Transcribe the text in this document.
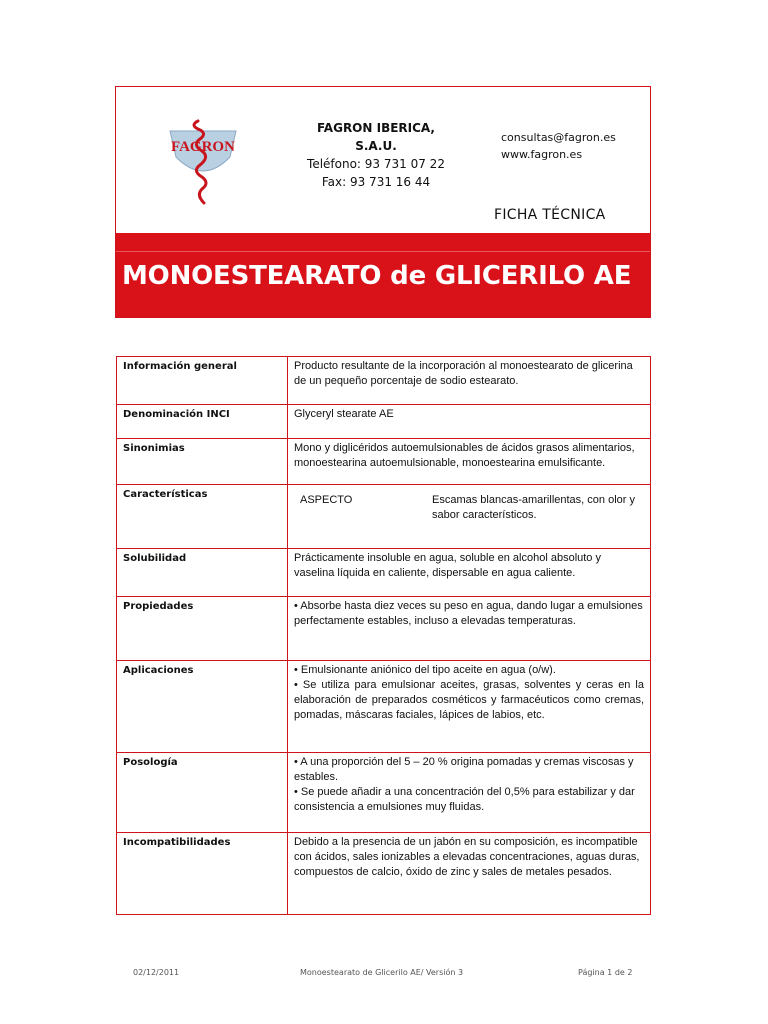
FAGRON
FAGRON IBERICA, S.A.U.
Teléfono: 93 731 07 22
Fax: 93 731 16 44
consultas@fagron.es
www.fagron.es
FICHA TÉCNICA
MONOESTEARATO de GLICERILO AE
Información general	Producto resultante de la incorporación al monoestearato de glicerina de un pequeño porcentaje de sodio estearato.
Denominación INCI	Glyceryl stearate AE
Sinonimias	Mono y diglicéridos autoemulsionables de ácidos grasos alimentarios, monoestearina autoemulsionable, monoestearina emulsificante.
Características	ASPECTO Escamas blancas-amarillentas, con olor y sabor característicos.

Solubilidad	Prácticamente insoluble en agua, soluble en alcohol absoluto y vaselina líquida en caliente, dispersable en agua caliente.
Propiedades	• Absorbe hasta diez veces su peso en agua, dando lugar a emulsiones perfectamente estables, incluso a elevadas temperaturas.
Aplicaciones	• Emulsionante aniónico del tipo aceite en agua (o/w).

• Se utiliza para emulsionar aceites, grasas, solventes y ceras en la elaboración de preparados cosméticos y farmacéuticos como cremas, pomadas, máscaras faciales, lápices de labios, etc.

Posología	• A una proporción del 5 – 20 % origina pomadas y cremas viscosas y estables.

• Se puede añadir a una concentración del 0,5% para estabilizar y dar consistencia a emulsiones muy fluidas.

Incompatibilidades	Debido a la presencia de un jabón en su composición, es incompatible con ácidos, sales ionizables a elevadas concentraciones, aguas duras, compuestos de calcio, óxido de zinc y sales de metales pesados.
02/12/2011	Monoestearato de Glicerilo AE/ Versión 3	Página 1 de 2
